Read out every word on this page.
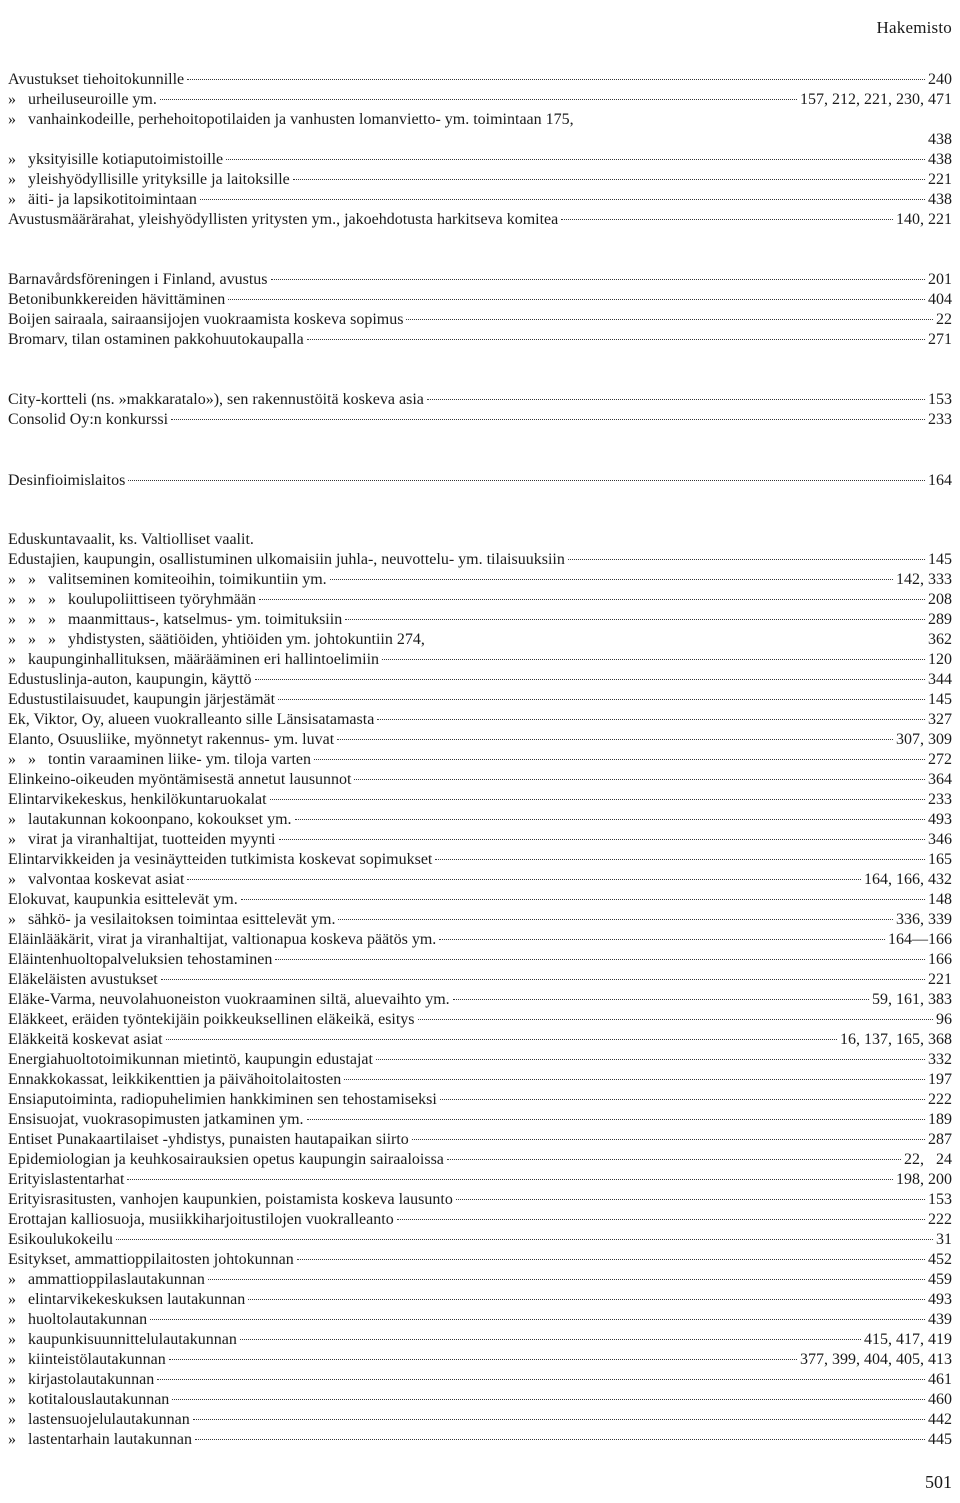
Hakemisto
Avustukset tiehoitokunnille	240
»   urheiluseuroille ym.	157, 212, 221, 230, 471
»   vanhainkodeille, perhehoitopotilaiden ja vanhusten lomanvietto- ym. toimintaan 175,
438
»   yksityisille kotiaputoimistoille	438
»   yleishyödyllisille yrityksille ja laitoksille	221
»   äiti- ja lapsikotitoimintaan	438
Avustusmäärärahat, yleishyödyllisten yritysten ym., jakoehdotusta harkitseva komitea	140, 221
Barnavårdsföreningen i Finland, avustus	201
Betonibunkkereiden hävittäminen	404
Boijen sairaala, sairaansijojen vuokraamista koskeva sopimus	22
Bromarv, tilan ostaminen pakkohuutokaupalla	271
City-kortteli (ns. »makkaratalo»), sen rakennustöitä koskeva asia	153
Consolid Oy:n konkurssi	233
Desinfioimislaitos	164
Eduskuntavaalit, ks. Valtiolliset vaalit.
Edustajien, kaupungin, osallistuminen ulkomaisiin juhla-, neuvottelu- ym. tilaisuuksiin	145
»   »   valitseminen komiteoihin, toimikuntiin ym.	142, 333
»   »   »   koulupoliittiseen työryhmään	208
»   »   »   maanmittaus-, katselmus- ym. toimituksiin	289
»   »   »   yhdistysten, säätiöiden, yhtiöiden ym. johtokuntiin 274,	362
»   kaupunginhallituksen, määrääminen eri hallintoelimiin	120
Edustuslinja-auton, kaupungin, käyttö	344
Edustustilaisuudet, kaupungin järjestämät	145
Ek, Viktor, Oy, alueen vuokralleanto sille Länsisatamasta	327
Elanto, Osuusliike, myönnetyt rakennus- ym. luvat	307, 309
»   »   tontin varaaminen liike- ym. tiloja varten	272
Elinkeino-oikeuden myöntämisestä annetut lausunnot	364
Elintarvikekeskus, henkilökuntaruokalat	233
»   lautakunnan kokoonpano, kokoukset ym.	493
»   virat ja viranhaltijat, tuotteiden myynti	346
Elintarvikkeiden ja vesinäytteiden tutkimista koskevat sopimukset	165
»   valvontaa koskevat asiat	164, 166, 432
Elokuvat, kaupunkia esittelevät ym.	148
»   sähkö- ja vesilaitoksen toimintaa esittelevät ym.	336, 339
Eläinlääkärit, virat ja viranhaltijat, valtionapua koskeva päätös ym.	164—166
Eläintenhuoltopalveluksien tehostaminen	166
Eläkeläisten avustukset	221
Eläke-Varma, neuvolahuoneiston vuokraaminen siltä, aluevaihto ym.	59, 161, 383
Eläkkeet, eräiden työntekijäin poikkeuksellinen eläkeikä, esitys	96
Eläkkeitä koskevat asiat	16, 137, 165, 368
Energiahuoltotoimikunnan mietintö, kaupungin edustajat	332
Ennakkokassat, leikkikenttien ja päivähoitolaitosten	197
Ensiaputoiminta, radiopuhelimien hankkiminen sen tehostamiseksi	222
Ensisuojat, vuokrasopimusten jatkaminen ym.	189
Entiset Punakaartilaiset -yhdistys, punaisten hautapaikan siirto	287
Epidemiologian ja keuhkosairauksien opetus kaupungin sairaaloissa	22,   24
Erityislastentarhat	198, 200
Erityisrasitusten, vanhojen kaupunkien, poistamista koskeva lausunto	153
Erottajan kalliosuoja, musiikkiharjoitustilojen vuokralleanto	222
Esikoulukokeilu	31
Esitykset, ammattioppilaitosten johtokunnan	452
»   ammattioppilaslautakunnan	459
»   elintarvikekeskuksen lautakunnan	493
»   huoltolautakunnan	439
»   kaupunkisuunnittelulautakunnan	415, 417, 419
»   kiinteistölautakunnan	377, 399, 404, 405, 413
»   kirjastolautakunnan	461
»   kotitalouslautakunnan	460
»   lastensuojelulautakunnan	442
»   lastentarhain lautakunnan	445
501
